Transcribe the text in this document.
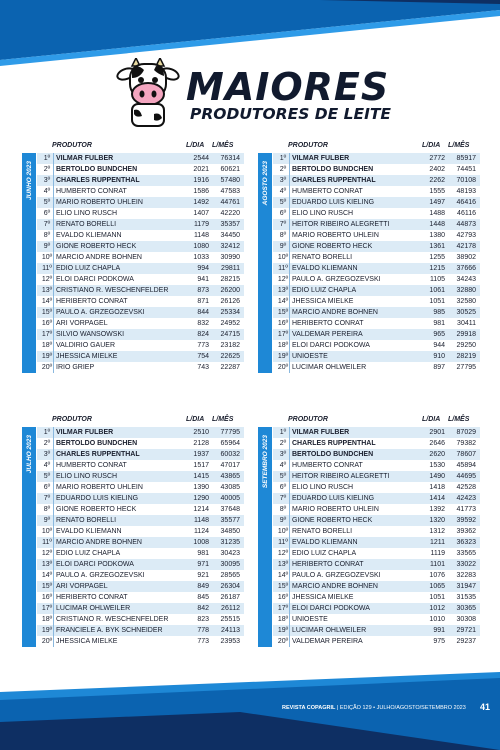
MAIORES
PRODUTORES DE LEITE
PRODUTOR	L/DIA L/MÊS
JUNHO 2023
1º VILMAR FÜLBER	2544	76314
2º BERTOLDO BÜNDCHEN	2021	60621
3º CHARLES RUPPENTHAL	1916	57480
4º HUMBERTO CONRAT	1586	47583
5º MÁRIO ROBERTO UHLEIN	1492	44761
6º ELIO LINO RUSCH	1407	42220
7º RENATO BORELLI	1179	35357
8º EVALDO KLIEMANN	1148	34450
9º GIONE ROBERTO HECK	1080	32412
10º MÁRCIO ANDRÉ BOHNEN	1033	30990
11º EDIO LUIZ CHAPLA	994	29811
12º ELOI DARCI PODKOWA	941	28215
13º CRISTIANO R. WESCHENFELDER	873	26200
14º HERIBERTO CONRAT	871	26126
15º PAULO A. GRZEGOZEVSKI	844	25334
16º ARI VORPAGEL	832	24952
17º SILVIO WANSOWSKI	824	24715
18º VALDIRIO GAUER	773	23182
19º JHESSICA MIELKE	754	22625
20º IRIO GRIEP	743	22287
PRODUTOR	L/DIA L/MÊS
AGOSTO 2023
1º VILMAR FÜLBER	2772	85917
2º BERTOLDO BÜNDCHEN	2402	74451
3º CHARLES RUPPENTHAL	2262	70108
4º HUMBERTO CONRAT	1555	48193
5º EDUARDO LUIS KIELING	1497	46416
6º ELIO LINO RUSCH	1488	46116
7º HEITOR RIBEIRO ALEGRETTI	1448	44873
8º MÁRIO ROBERTO UHLEIN	1380	42793
9º GIONE ROBERTO HECK	1361	42178
10º RENATO BORELLI	1255	38902
11º EVALDO KLIEMANN	1215	37666
12º PAULO A. GRZEGOZEVSKI	1105	34243
13º EDIO LUIZ CHAPLA	1061	32880
14º JHESSICA MIELKE	1051	32580
15º MÁRCIO ANDRÉ BOHNEN	985	30525
16º HERIBERTO CONRAT	981	30411
17º VALDEMAR PEREIRA	965	29918
18º ELOI DARCI PODKOWA	944	29250
19º UNIOESTE	910	28219
20º LUCIMAR OHLWEILER	897	27795
PRODUTOR	L/DIA L/MÊS
JULHO 2023
1º VILMAR FÜLBER	2510	77795
2º BERTOLDO BÜNDCHEN	2128	65964
3º CHARLES RUPPENTHAL	1937	60032
4º HUMBERTO CONRAT	1517	47017
5º ELIO LINO RUSCH	1415	43865
6º MÁRIO ROBERTO UHLEIN	1390	43085
7º EDUARDO LUIS KIELING	1290	40005
8º GIONE ROBERTO HECK	1214	37648
9º RENATO BORELLI	1148	35577
10º EVALDO KLIEMANN	1124	34850
11º MÁRCIO ANDRÉ BOHNEN	1008	31235
12º EDIO LUIZ CHAPLA	981	30423
13º ELOI DARCI PODKOWA	971	30095
14º PAULO A. GRZEGOZEVSKI	921	28565
15º ARI VORPAGEL	849	26304
16º HERIBERTO CONRAT	845	26187
17º LUCIMAR OHLWEILER	842	26112
18º CRISTIANO R. WESCHENFELDER	823	25515
19º FRANCIELE A. BYK SCHNEIDER	778	24113
20º JHESSICA MIELKE	773	23953
PRODUTOR	L/DIA L/MÊS
SETEMBRO 2023
1º VILMAR FÜLBER	2901	87029
2º CHARLES RUPPENTHAL	2646	79382
3º BERTOLDO BÜNDCHEN	2620	78607
4º HUMBERTO CONRAT	1530	45894
5º HEITOR RIBEIRO ALEGRETTI	1490	44695
6º ELIO LINO RUSCH	1418	42528
7º EDUARDO LUIS KIELING	1414	42423
8º MÁRIO ROBERTO UHLEIN	1392	41773
9º GIONE ROBERTO HECK	1320	39592
10º RENATO BORELLI	1312	39362
11º EVALDO KLIEMANN	1211	36323
12º EDIO LUIZ CHAPLA	1119	33565
13º HERIBERTO CONRAT	1101	33022
14º PAULO A. GRZEGOZEVSKI	1076	32283
15º MÁRCIO ANDRÉ BOHNEN	1065	31947
16º JHESSICA MIELKE	1051	31535
17º ELOI DARCI PODKOWA	1012	30365
18º UNIOESTE	1010	30308
19º LUCIMAR OHLWEILER	991	29721
20º VALDEMAR PEREIRA	975	29237
REVISTA COPAGRIL | EDIÇÃO 129 • JULHO/AGOSTO/SETEMBRO 2023 41
